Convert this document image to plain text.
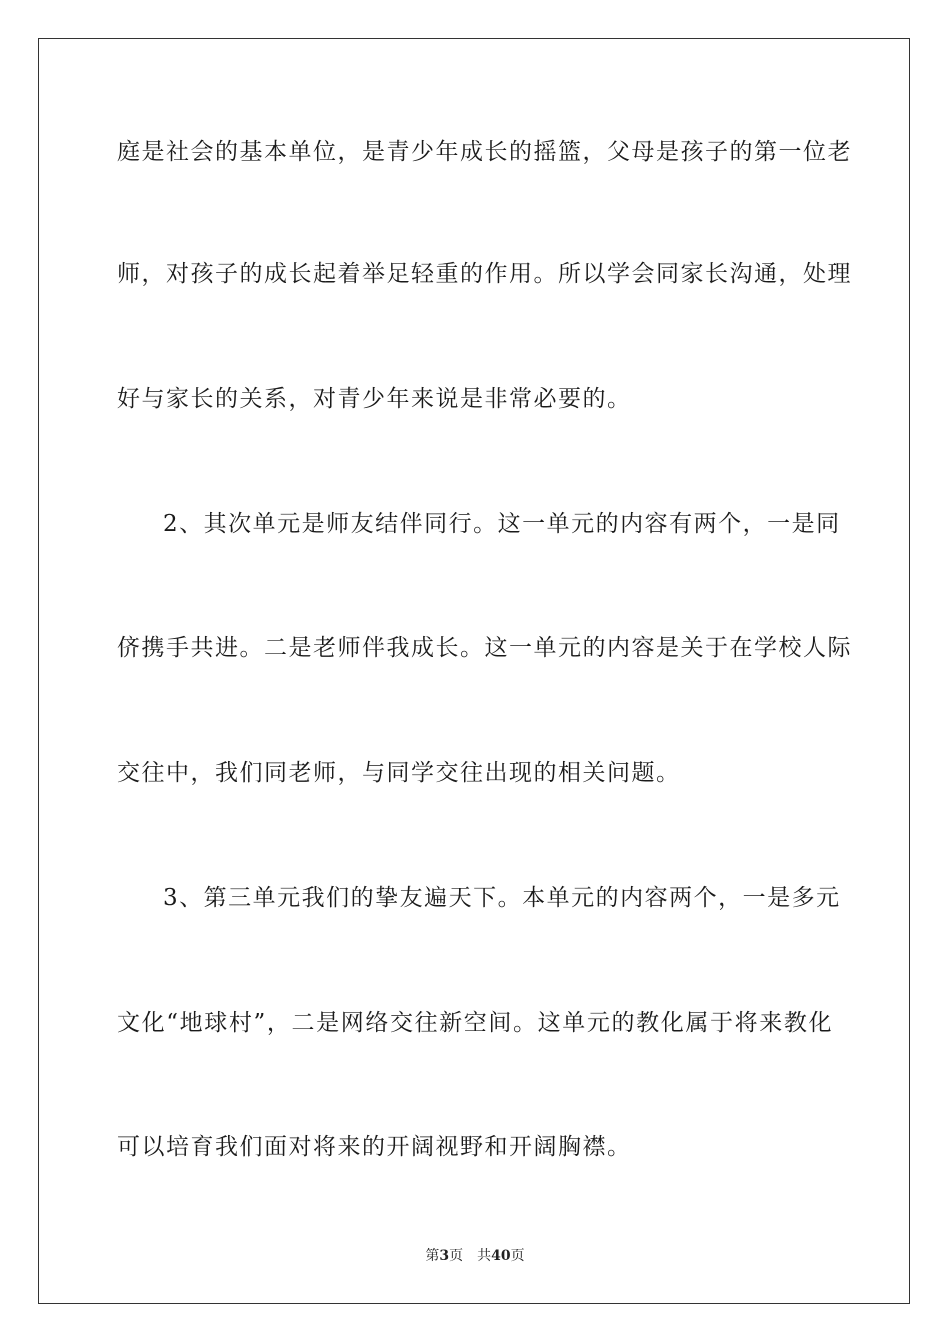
庭是社会的基本单位，是青少年成长的摇篮，父母是孩子的第一位老
师，对孩子的成长起着举足轻重的作用。所以学会同家长沟通，处理
好与家长的关系，对青少年来说是非常必要的。
2、其次单元是师友结伴同行。这一单元的内容有两个，一是同
侪携手共进。二是老师伴我成长。这一单元的内容是关于在学校人际
交往中，我们同老师，与同学交往出现的相关问题。
3、第三单元我们的挚友遍天下。本单元的内容两个，一是多元
文化“地球村”，二是网络交往新空间。这单元的教化属于将来教化
可以培育我们面对将来的开阔视野和开阔胸襟。
第3页 共40页
